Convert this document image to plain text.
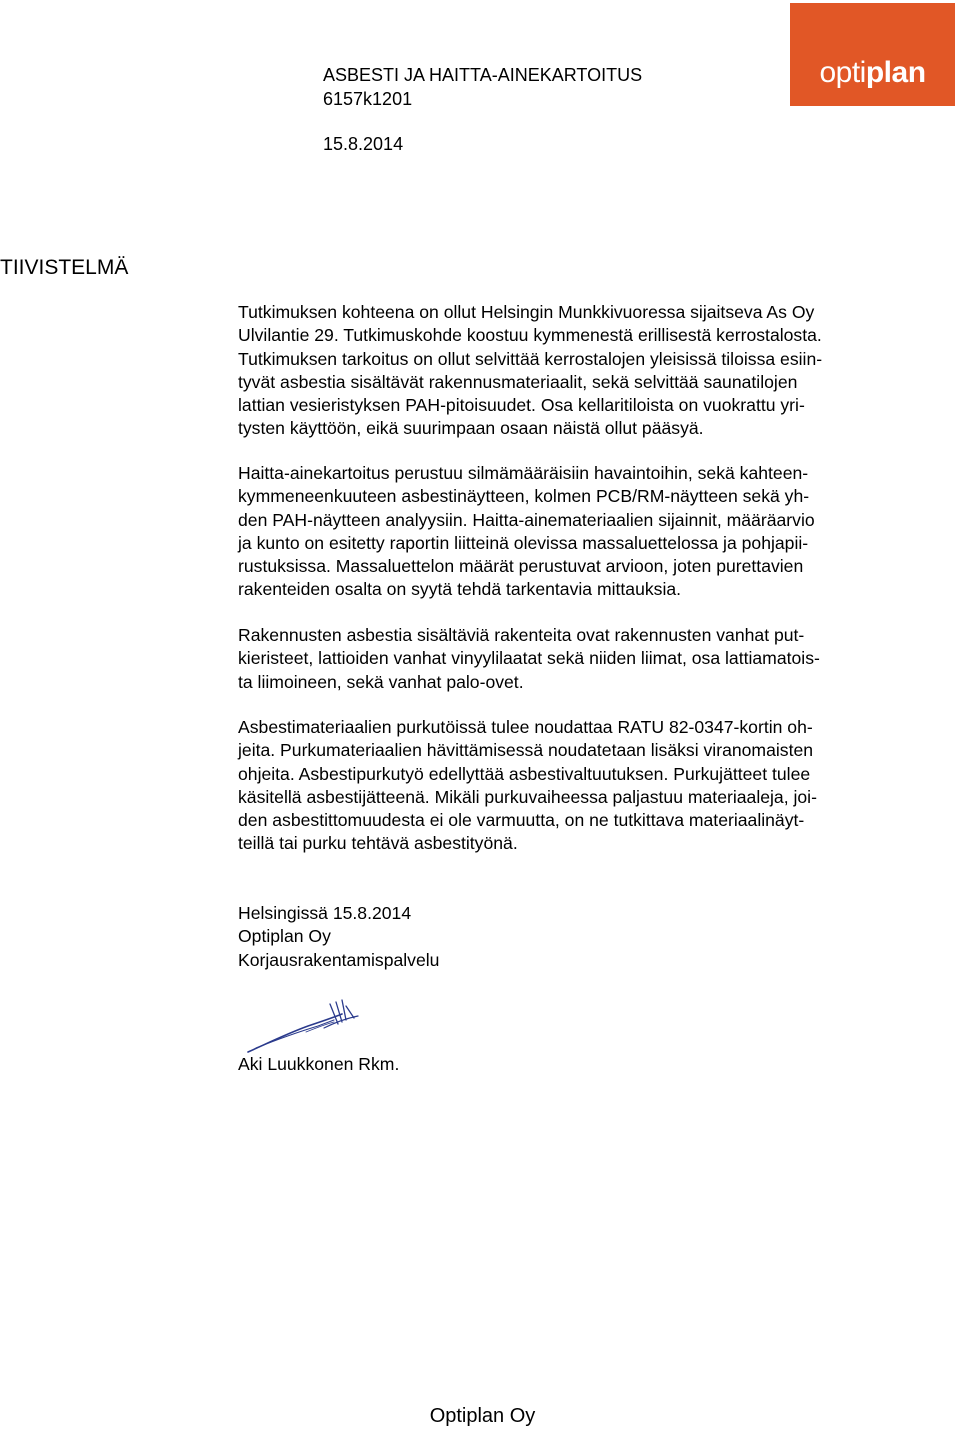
ASBESTI JA HAITTA-AINEKARTOITUS
6157k1201
15.8.2014
optiplan
TIIVISTELMÄ
Tutkimuksen kohteena on ollut Helsingin Munkkivuoressa sijaitseva As Oy
Ulvilantie 29. Tutkimuskohde koostuu kymmenestä erillisestä kerrostalosta.
Tutkimuksen tarkoitus on ollut selvittää kerrostalojen yleisissä tiloissa esiin-
tyvät asbestia sisältävät rakennusmateriaalit, sekä selvittää saunatilojen
lattian vesieristyksen PAH-pitoisuudet. Osa kellaritiloista on vuokrattu yri-
tysten käyttöön, eikä suurimpaan osaan näistä ollut pääsyä.
Haitta-ainekartoitus perustuu silmämääräisiin havaintoihin, sekä kahteen-
kymmeneenkuuteen asbestinäytteen, kolmen PCB/RM-näytteen sekä yh-
den PAH-näytteen analyysiin. Haitta-ainemateriaalien sijainnit, määräarvio
ja kunto on esitetty raportin liitteinä olevissa massaluettelossa ja pohjapii-
rustuksissa. Massaluettelon määrät perustuvat arvioon, joten purettavien
rakenteiden osalta on syytä tehdä tarkentavia mittauksia.
Rakennusten asbestia sisältäviä rakenteita ovat rakennusten vanhat put-
kieristeet, lattioiden vanhat vinyylilaatat sekä niiden liimat, osa lattiamatois-
ta liimoineen, sekä vanhat palo-ovet.
Asbestimateriaalien purkutöissä tulee noudattaa RATU 82-0347-kortin oh-
jeita. Purkumateriaalien hävittämisessä noudatetaan lisäksi viranomaisten
ohjeita. Asbestipurkutyö edellyttää asbestivaltuutuksen. Purkujätteet tulee
käsitellä asbestijätteenä. Mikäli purkuvaiheessa paljastuu materiaaleja, joi-
den asbestittomuudesta ei ole varmuutta, on ne tutkittava materiaalinäyt-
teillä tai purku tehtävä asbestityönä.
Helsingissä 15.8.2014
Optiplan Oy
Korjausrakentamispalvelu
Aki Luukkonen Rkm.
Optiplan Oy
